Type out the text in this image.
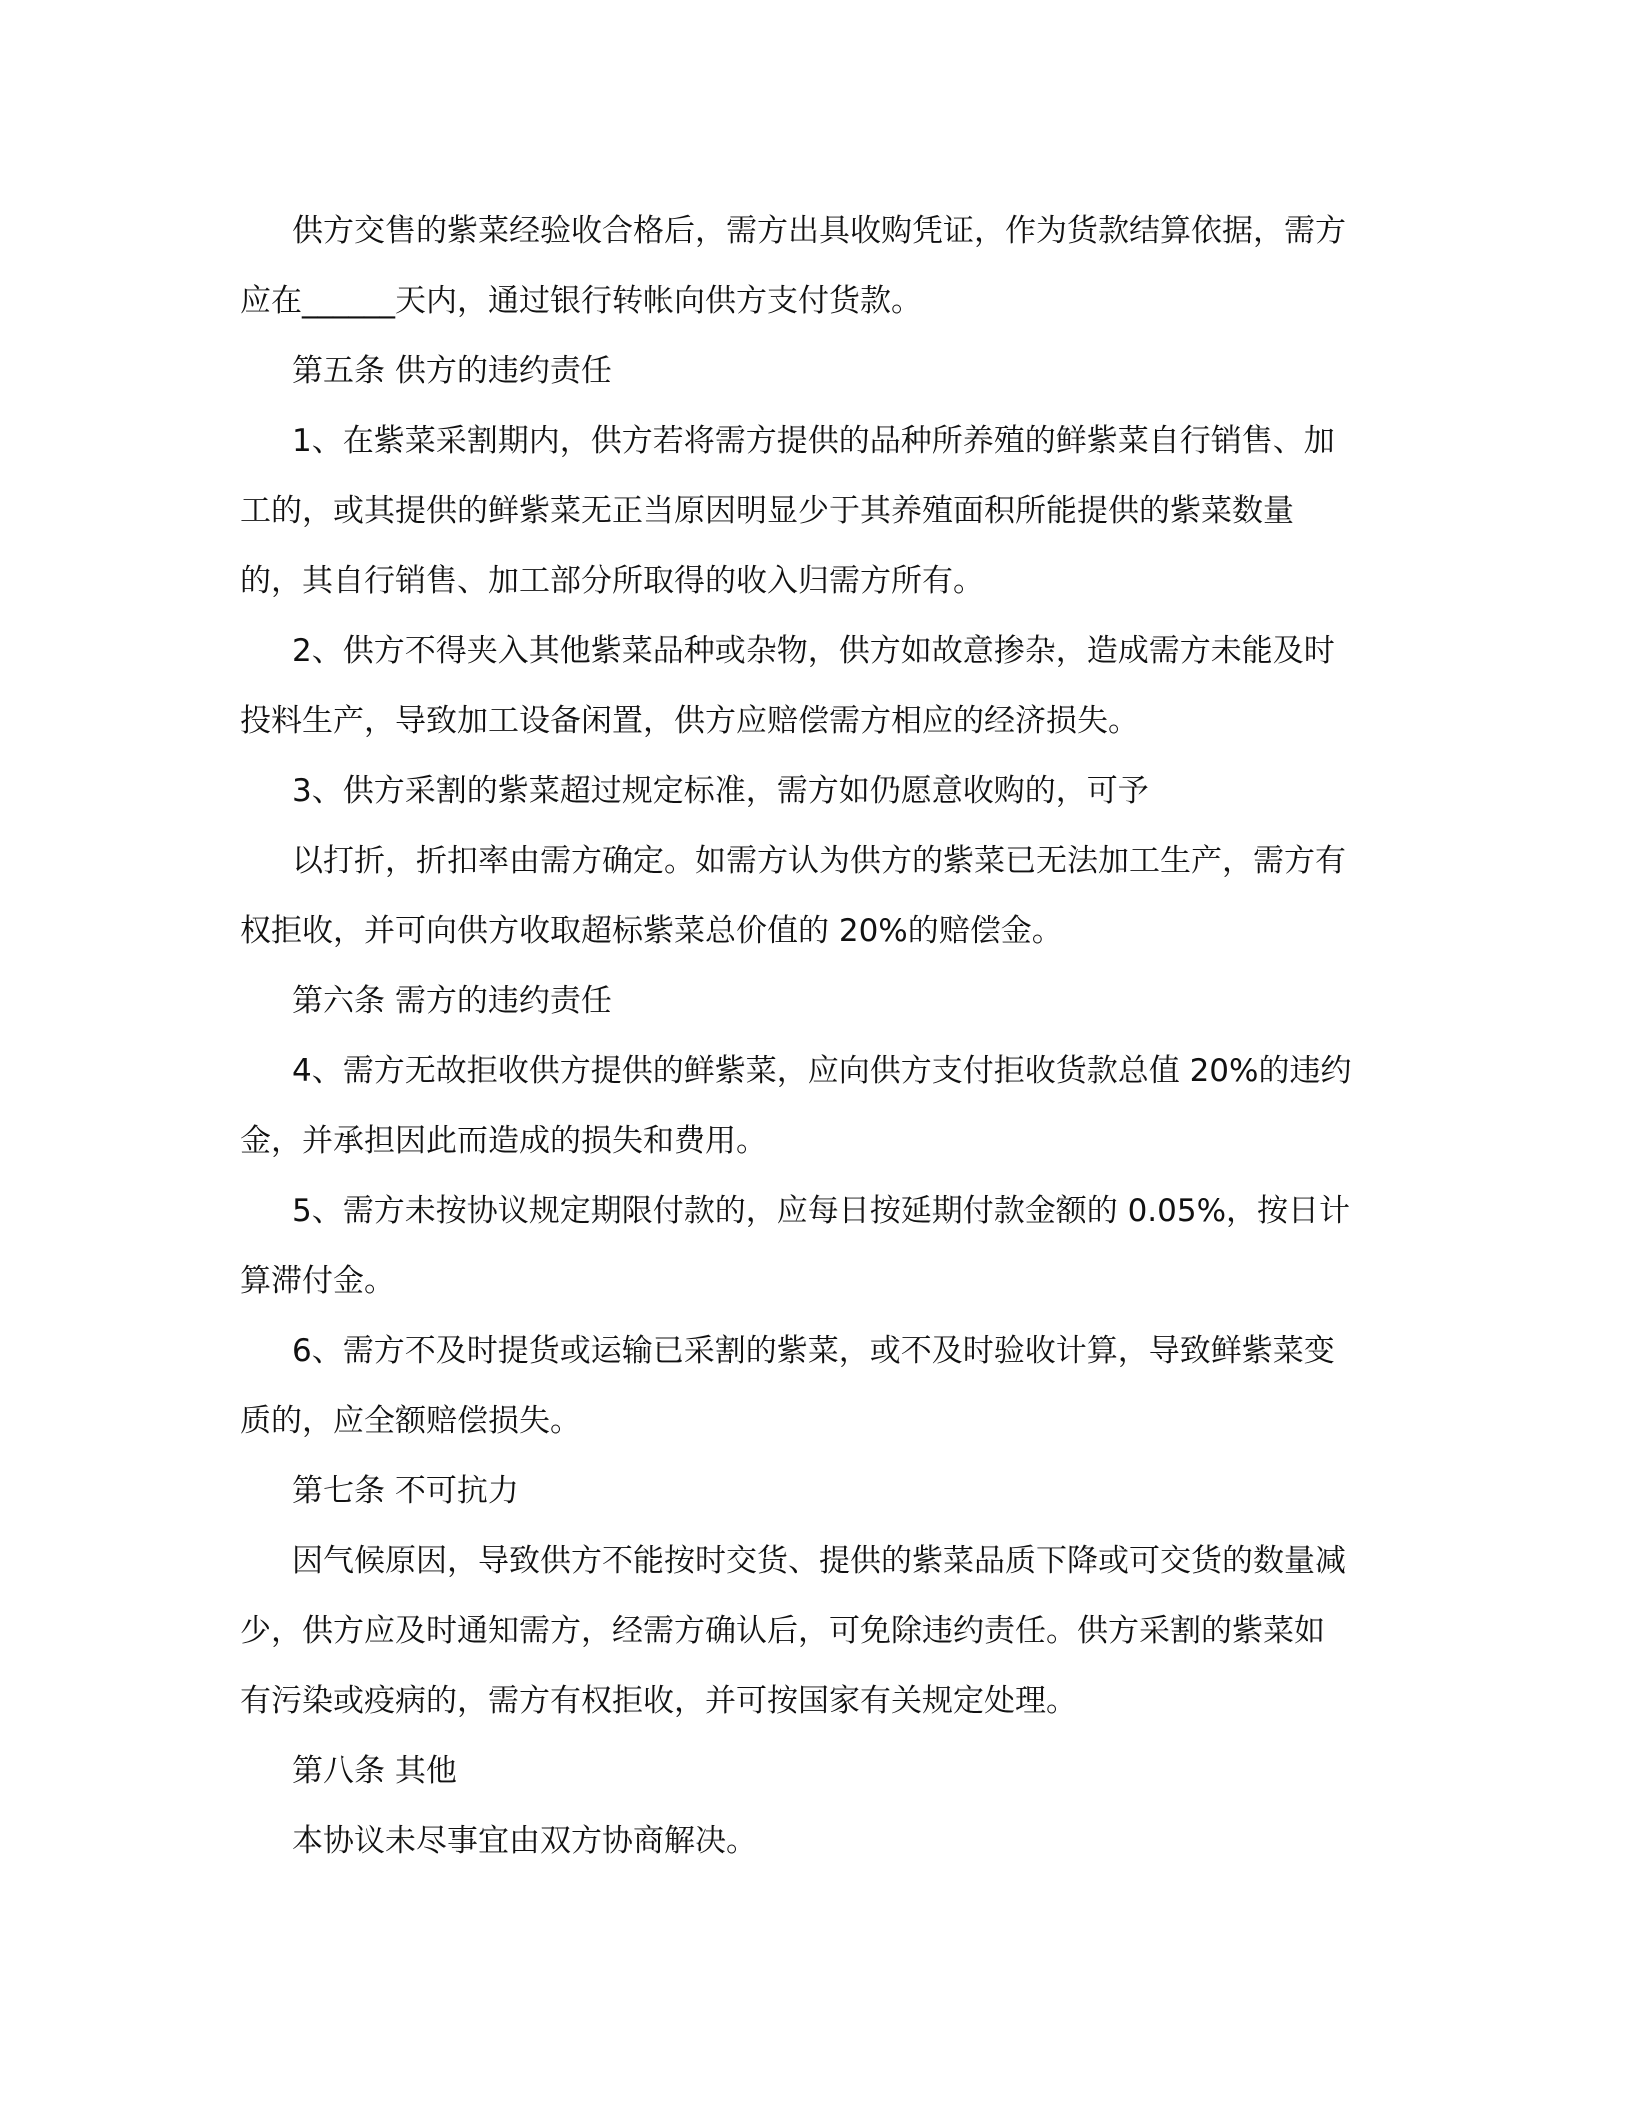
供方交售的紫菜经验收合格后，需方出具收购凭证，作为货款结算依据，需方
应在______天内，通过银行转帐向供方支付货款。
第五条 供方的违约责任
1、在紫菜采割期内，供方若将需方提供的品种所养殖的鲜紫菜自行销售、加
工的，或其提供的鲜紫菜无正当原因明显少于其养殖面积所能提供的紫菜数量
的，其自行销售、加工部分所取得的收入归需方所有。
2、供方不得夹入其他紫菜品种或杂物，供方如故意掺杂，造成需方未能及时
投料生产，导致加工设备闲置，供方应赔偿需方相应的经济损失。
3、供方采割的紫菜超过规定标准，需方如仍愿意收购的，可予
以打折，折扣率由需方确定。如需方认为供方的紫菜已无法加工生产，需方有
权拒收，并可向供方收取超标紫菜总价值的 20%的赔偿金。
第六条 需方的违约责任
4、需方无故拒收供方提供的鲜紫菜，应向供方支付拒收货款总值 20%的违约
金，并承担因此而造成的损失和费用。
5、需方未按协议规定期限付款的，应每日按延期付款金额的 0.05%，按日计
算滞付金。
6、需方不及时提货或运输已采割的紫菜，或不及时验收计算，导致鲜紫菜变
质的，应全额赔偿损失。
第七条 不可抗力
因气候原因，导致供方不能按时交货、提供的紫菜品质下降或可交货的数量减
少，供方应及时通知需方，经需方确认后，可免除违约责任。供方采割的紫菜如
有污染或疫病的，需方有权拒收，并可按国家有关规定处理。
第八条 其他
本协议未尽事宜由双方协商解决。
